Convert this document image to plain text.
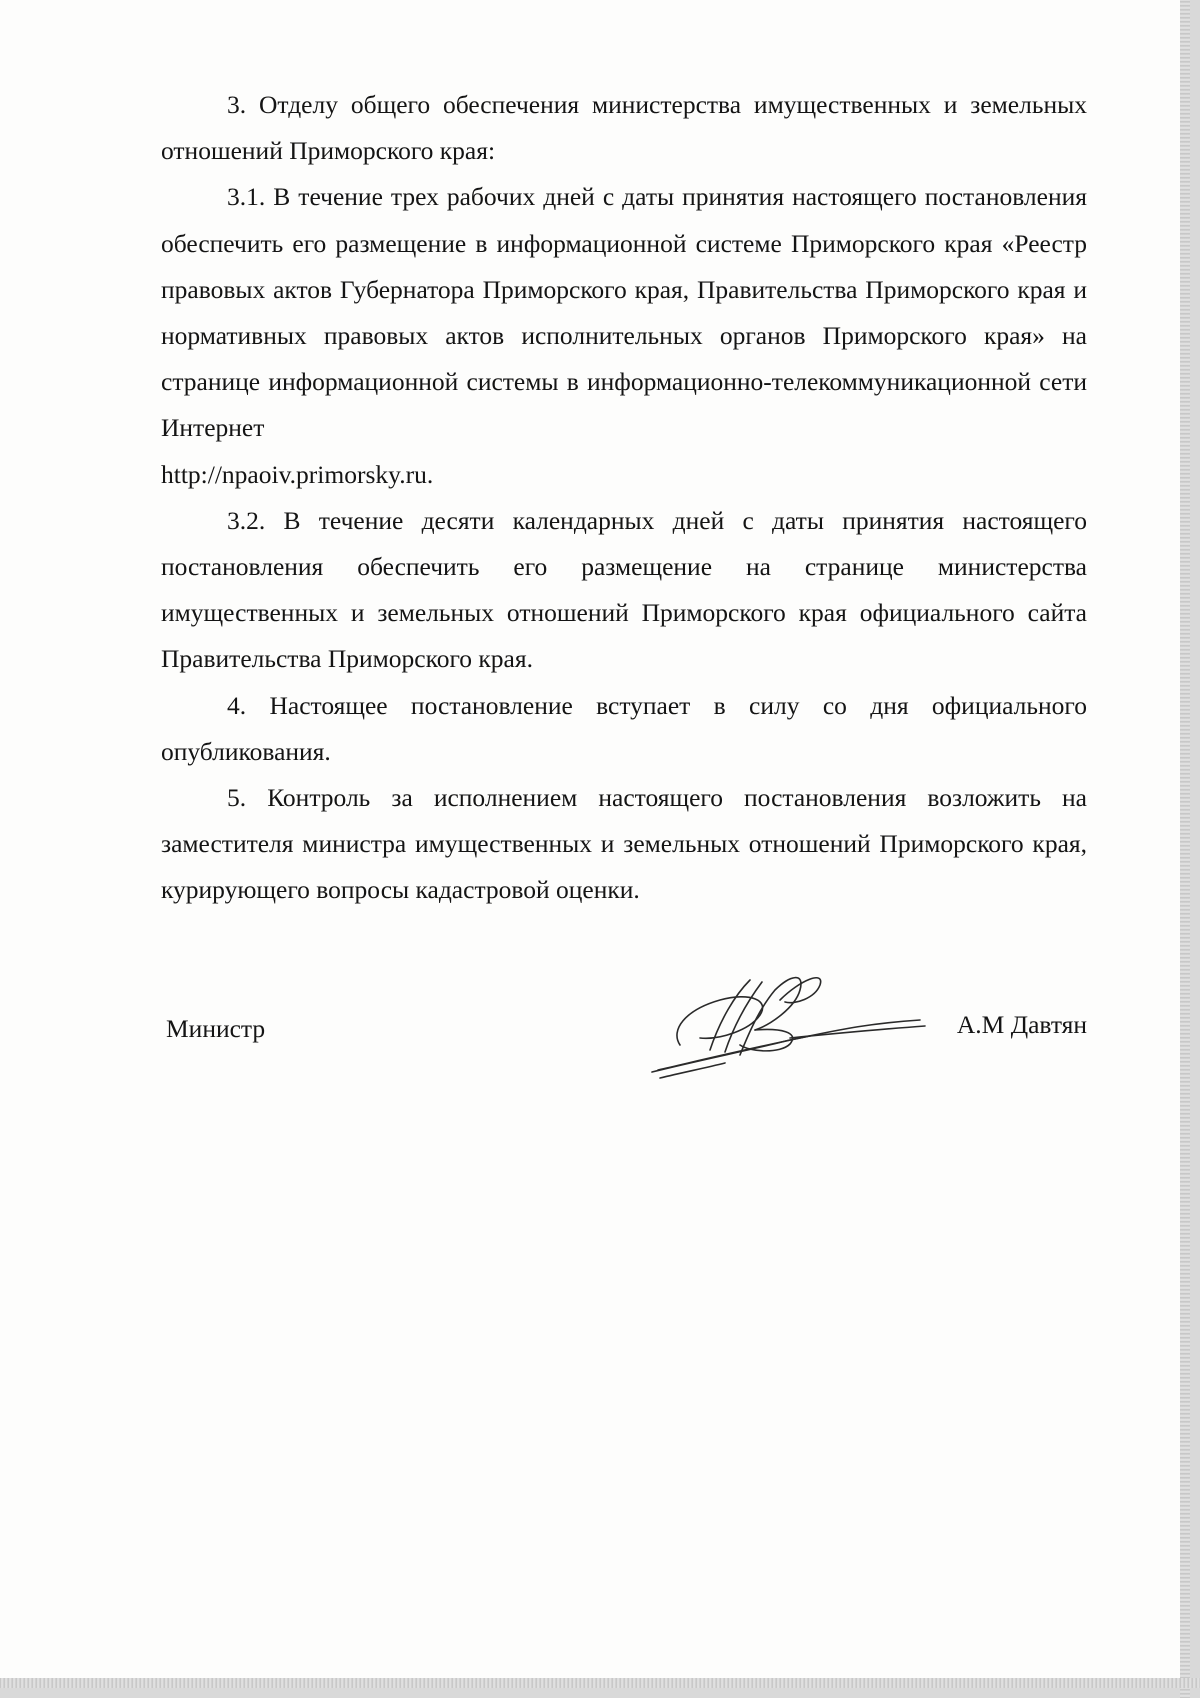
3. Отделу общего обеспечения министерства имущественных и земельных отношений Приморского края:

3.1. В течение трех рабочих дней с даты принятия настоящего постановления обеспечить его размещение в информационной системе Приморского края «Реестр правовых актов Губернатора Приморского края, Правительства Приморского края и нормативных правовых актов исполнительных органов Приморского края» на странице информационной системы в информационно-телекоммуникационной сети Интернет

http://npaoiv.primorsky.ru.

3.2. В течение десяти календарных дней с даты принятия настоящего постановления обеспечить его размещение на странице министерства имущественных и земельных отношений Приморского края официального сайта Правительства Приморского края.

4. Настоящее постановление вступает в силу со дня официального опубликования.

5. Контроль за исполнением настоящего постановления возложить на заместителя министра имущественных и земельных отношений Приморского края, курирующего вопросы кадастровой оценки.

Министр	А.М Давтян
